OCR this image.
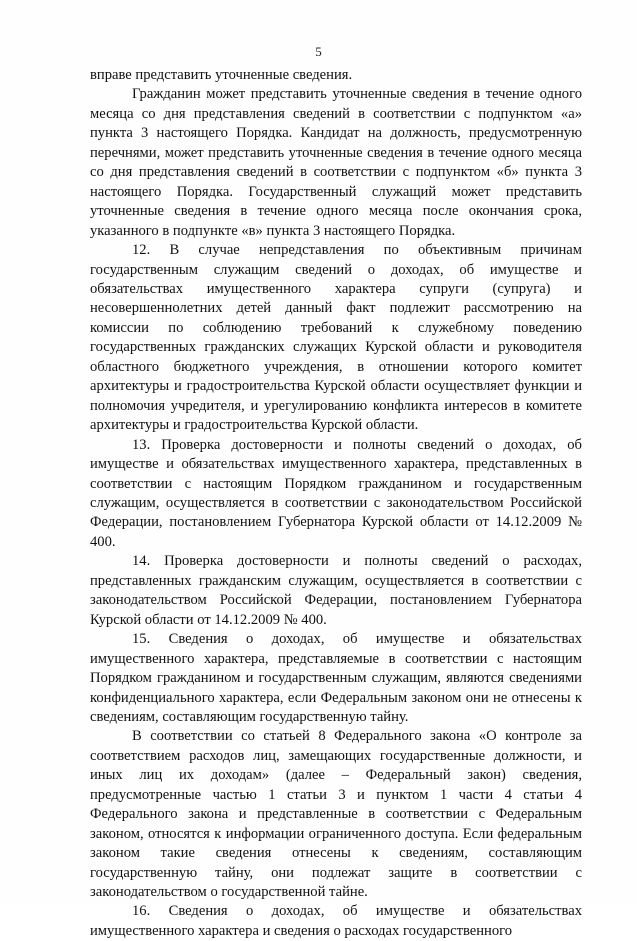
5

вправе представить уточненные сведения.

Гражданин может представить уточненные сведения в течение одного месяца со дня представления сведений в соответствии с подпунктом «а» пункта 3 настоящего Порядка. Кандидат на должность, предусмотренную перечнями, может представить уточненные сведения в течение одного месяца со дня представления сведений в соответствии с подпунктом «б» пункта 3 настоящего Порядка. Государственный служащий может представить уточненные сведения в течение одного месяца после окончания срока, указанного в подпункте «в» пункта 3 настоящего Порядка.

12. В случае непредставления по объективным причинам государственным служащим сведений о доходах, об имуществе и обязательствах имущественного характера супруги (супруга) и несовершеннолетних детей данный факт подлежит рассмотрению на комиссии по соблюдению требований к служебному поведению государственных гражданских служащих Курской области и руководителя областного бюджетного учреждения, в отношении которого комитет архитектуры и градостроительства Курской области осуществляет функции и полномочия учредителя, и урегулированию конфликта интересов в комитете архитектуры и градостроительства Курской области.

13. Проверка достоверности и полноты сведений о доходах, об имуществе и обязательствах имущественного характера, представленных в соответствии с настоящим Порядком гражданином и государственным служащим, осуществляется в соответствии с законодательством Российской Федерации, постановлением Губернатора Курской области от 14.12.2009 № 400.

14. Проверка достоверности и полноты сведений о расходах, представленных гражданским служащим, осуществляется в соответствии с законодательством Российской Федерации, постановлением Губернатора Курской области от 14.12.2009 № 400.

15. Сведения о доходах, об имуществе и обязательствах имущественного характера, представляемые в соответствии с настоящим Порядком гражданином и государственным служащим, являются сведениями конфиденциального характера, если Федеральным законом они не отнесены к сведениям, составляющим государственную тайну.

В соответствии со статьей 8 Федерального закона «О контроле за соответствием расходов лиц, замещающих государственные должности, и иных лиц их доходам» (далее – Федеральный закон) сведения, предусмотренные частью 1 статьи 3 и пунктом 1 части 4 статьи 4 Федерального закона и представленные в соответствии с Федеральным законом, относятся к информации ограниченного доступа. Если федеральным законом такие сведения отнесены к сведениям, составляющим государственную тайну, они подлежат защите в соответствии с законодательством о государственной тайне.

16. Сведения о доходах, об имуществе и обязательствах имущественного характера и сведения о расходах государственного
